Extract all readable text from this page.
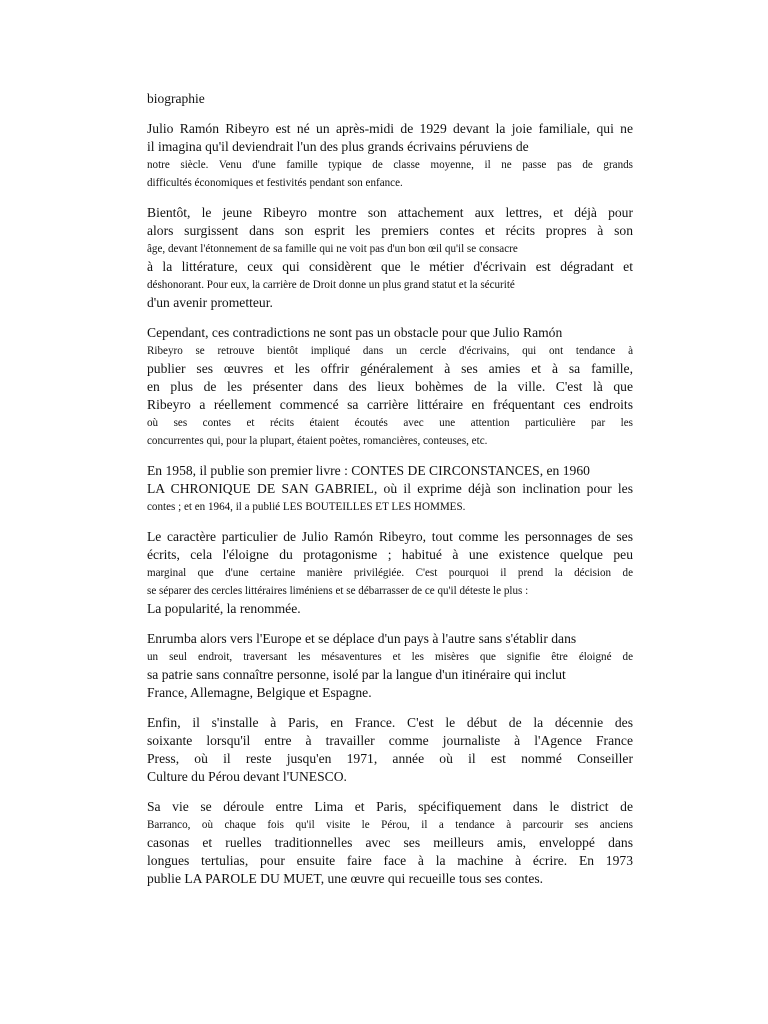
biographie
Julio Ramón Ribeyro est né un après-midi de 1929 devant la joie familiale, qui ne
il imagina qu'il deviendrait l'un des plus grands écrivains péruviens de
notre siècle. Venu d'une famille typique de classe moyenne, il ne passe pas de grands
difficultés économiques et festivités pendant son enfance.
Bientôt, le jeune Ribeyro montre son attachement aux lettres, et déjà pour
alors surgissent dans son esprit les premiers contes et récits propres à son
âge, devant l'étonnement de sa famille qui ne voit pas d'un bon œil qu'il se consacre
à la littérature, ceux qui considèrent que le métier d'écrivain est dégradant et
déshonorant. Pour eux, la carrière de Droit donne un plus grand statut et la sécurité
d'un avenir prometteur.
Cependant, ces contradictions ne sont pas un obstacle pour que Julio Ramón
Ribeyro se retrouve bientôt impliqué dans un cercle d'écrivains, qui ont tendance à
publier ses œuvres et les offrir généralement à ses amies et à sa famille,
en plus de les présenter dans des lieux bohèmes de la ville. C'est là que
Ribeyro a réellement commencé sa carrière littéraire en fréquentant ces endroits
où ses contes et récits étaient écoutés avec une attention particulière par les
concurrentes qui, pour la plupart, étaient poètes, romancières, conteuses, etc.
En 1958, il publie son premier livre : CONTES DE CIRCONSTANCES, en 1960
LA CHRONIQUE DE SAN GABRIEL, où il exprime déjà son inclination pour les
contes ; et en 1964, il a publié LES BOUTEILLES ET LES HOMMES.
Le caractère particulier de Julio Ramón Ribeyro, tout comme les personnages de ses
écrits, cela l'éloigne du protagonisme ; habitué à une existence quelque peu
marginal que d'une certaine manière privilégiée. C'est pourquoi il prend la décision de
se séparer des cercles littéraires liméniens et se débarrasser de ce qu'il déteste le plus :
La popularité, la renommée.
Enrumba alors vers l'Europe et se déplace d'un pays à l'autre sans s'établir dans
un seul endroit, traversant les mésaventures et les misères que signifie être éloigné de
sa patrie sans connaître personne, isolé par la langue d'un itinéraire qui inclut
France, Allemagne, Belgique et Espagne.
Enfin, il s'installe à Paris, en France. C'est le début de la décennie des
soixante lorsqu'il entre à travailler comme journaliste à l'Agence France
Press, où il reste jusqu'en 1971, année où il est nommé Conseiller
Culture du Pérou devant l'UNESCO.
Sa vie se déroule entre Lima et Paris, spécifiquement dans le district de
Barranco, où chaque fois qu'il visite le Pérou, il a tendance à parcourir ses anciens
casonas et ruelles traditionnelles avec ses meilleurs amis, enveloppé dans
longues tertulias, pour ensuite faire face à la machine à écrire. En 1973
publie LA PAROLE DU MUET, une œuvre qui recueille tous ses contes.
